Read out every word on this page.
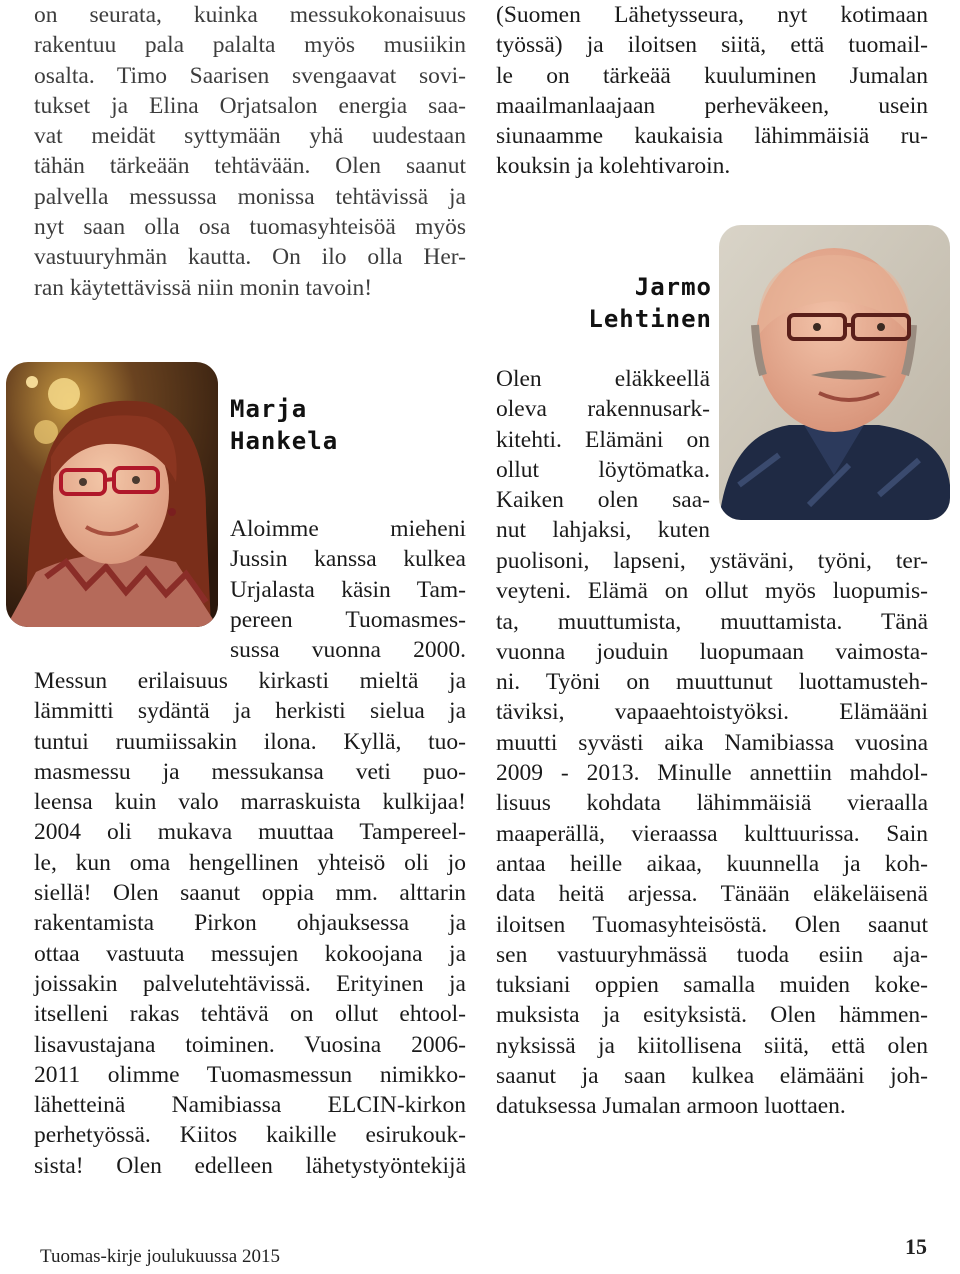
on seurata, kuinka messukokonaisuus
rakentuu pala palalta myös musiikin
osalta. Timo Saarisen svengaavat sovi-
tukset ja Elina Orjatsalon energia saa-
vat meidät syttymään yhä uudestaan
tähän tärkeään tehtävään. Olen saanut
palvella messussa monissa tehtävissä ja
nyt saan olla osa tuomasyhteisöä myös
vastuuryhmän kautta. On ilo olla Her-
ran käytettävissä niin monin tavoin!
Marja
Hankela
Aloimme mieheni
Jussin kanssa kulkea
Urjalasta käsin Tam-
pereen Tuomasmes-
sussa vuonna 2000.
Messun erilaisuus kirkasti mieltä ja
lämmitti sydäntä ja herkisti sielua ja
tuntui ruumiissakin ilona. Kyllä, tuo-
masmessu ja messukansa veti puo-
leensa kuin valo marraskuista kulkijaa!
2004 oli mukava muuttaa Tampereel-
le, kun oma hengellinen yhteisö oli jo
siellä! Olen saanut oppia mm. alttarin
rakentamista Pirkon ohjauksessa ja
ottaa vastuuta messujen kokoojana ja
joissakin palvelutehtävissä. Erityinen ja
itselleni rakas tehtävä on ollut ehtool-
lisavustajana toiminen. Vuosina 2006-
2011 olimme Tuomasmessun nimikko-
lähetteinä Namibiassa ELCIN-kirkon
perhetyössä. Kiitos kaikille esirukouk-
sista! Olen edelleen lähetystyöntekijä
(Suomen Lähetysseura, nyt kotimaan
työssä) ja iloitsen siitä, että tuomail-
le on tärkeää kuuluminen Jumalan
maailmanlaajaan perheväkeen, usein
siunaamme kaukaisia lähimmäisiä ru-
kouksin ja kolehtivaroin.
Jarmo
Lehtinen
Olen eläkkeellä
oleva rakennusark-
kitehti. Elämäni on
ollut löytömatka.
Kaiken olen saa-
nut lahjaksi, kuten
puolisoni, lapseni, ystäväni, työni, ter-
veyteni. Elämä on ollut myös luopumis-
ta, muuttumista, muuttamista. Tänä
vuonna jouduin luopumaan vaimosta-
ni. Työni on muuttunut luottamusteh-
täviksi, vapaaehtoistyöksi. Elämääni
muutti syvästi aika Namibiassa vuosina
2009 - 2013. Minulle annettiin mahdol-
lisuus kohdata lähimmäisiä vieraalla
maaperällä, vieraassa kulttuurissa. Sain
antaa heille aikaa, kuunnella ja koh-
data heitä arjessa. Tänään eläkeläisenä
iloitsen Tuomasyhteisöstä. Olen saanut
sen vastuuryhmässä tuoda esiin aja-
tuksiani oppien samalla muiden koke-
muksista ja esityksistä. Olen hämmen-
nyksissä ja kiitollisena siitä, että olen
saanut ja saan kulkea elämääni joh-
datuksessa Jumalan armoon luottaen.
Tuomas-kirje joulukuussa 2015	15
